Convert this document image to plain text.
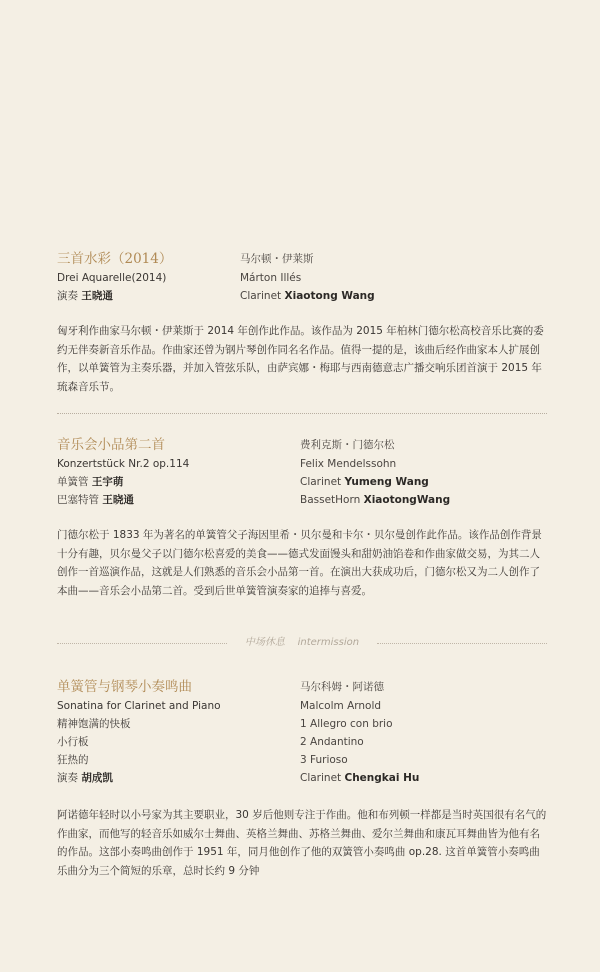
三首水彩（2014）	马尔顿・伊莱斯
Drei Aquarelle(2014)	Márton Illés
演奏 王晓通	Clarinet Xiaotong Wang
匈牙利作曲家马尔顿・伊莱斯于 2014 年创作此作品。该作品为 2015 年柏林门德尔松高校音乐比赛的委约无伴奏新音乐作品。作曲家还曾为钢片琴创作同名名作品。值得一提的是，该曲后经作曲家本人扩展创作，以单簧管为主奏乐器，并加入管弦乐队，由萨宾娜・梅耶与西南德意志广播交响乐团首演于 2015 年琉森音乐节。
音乐会小品第二首	费利克斯・门德尔松
Konzertstück Nr.2 op.114	Felix Mendelssohn
单簧管 王宇萌	Clarinet Yumeng Wang
巴塞特管 王晓通	BassetHorn XiaotongWang
门德尔松于 1833 年为著名的单簧管父子海因里希・贝尔曼和卡尔・贝尔曼创作此作品。该作品创作背景十分有趣，贝尔曼父子以门德尔松喜爱的美食——德式发面馒头和甜奶油馅卷和作曲家做交易，为其二人创作一首巡演作品，这就是人们熟悉的音乐会小品第一首。在演出大获成功后，门德尔松又为二人创作了本曲——音乐会小品第二首。受到后世单簧管演奏家的追捧与喜爱。
中场休息 intermission
单簧管与钢琴小奏鸣曲	马尔科姆・阿诺德
Sonatina for Clarinet and Piano	Malcolm Arnold
精神饱满的快板	1 Allegro con brio
小行板	2 Andantino
狂热的	3 Furioso
演奏 胡成凯	Clarinet Chengkai Hu
阿诺德年轻时以小号家为其主要职业，30 岁后他则专注于作曲。他和布列顿一样都是当时英国很有名气的作曲家，而他写的轻音乐如威尔士舞曲、英格兰舞曲、苏格兰舞曲、爱尔兰舞曲和康瓦耳舞曲皆为他有名的作品。这部小奏鸣曲创作于 1951 年，同月他创作了他的双簧管小奏鸣曲 op.28. 这首单簧管小奏鸣曲乐曲分为三个简短的乐章，总时长约 9 分钟
